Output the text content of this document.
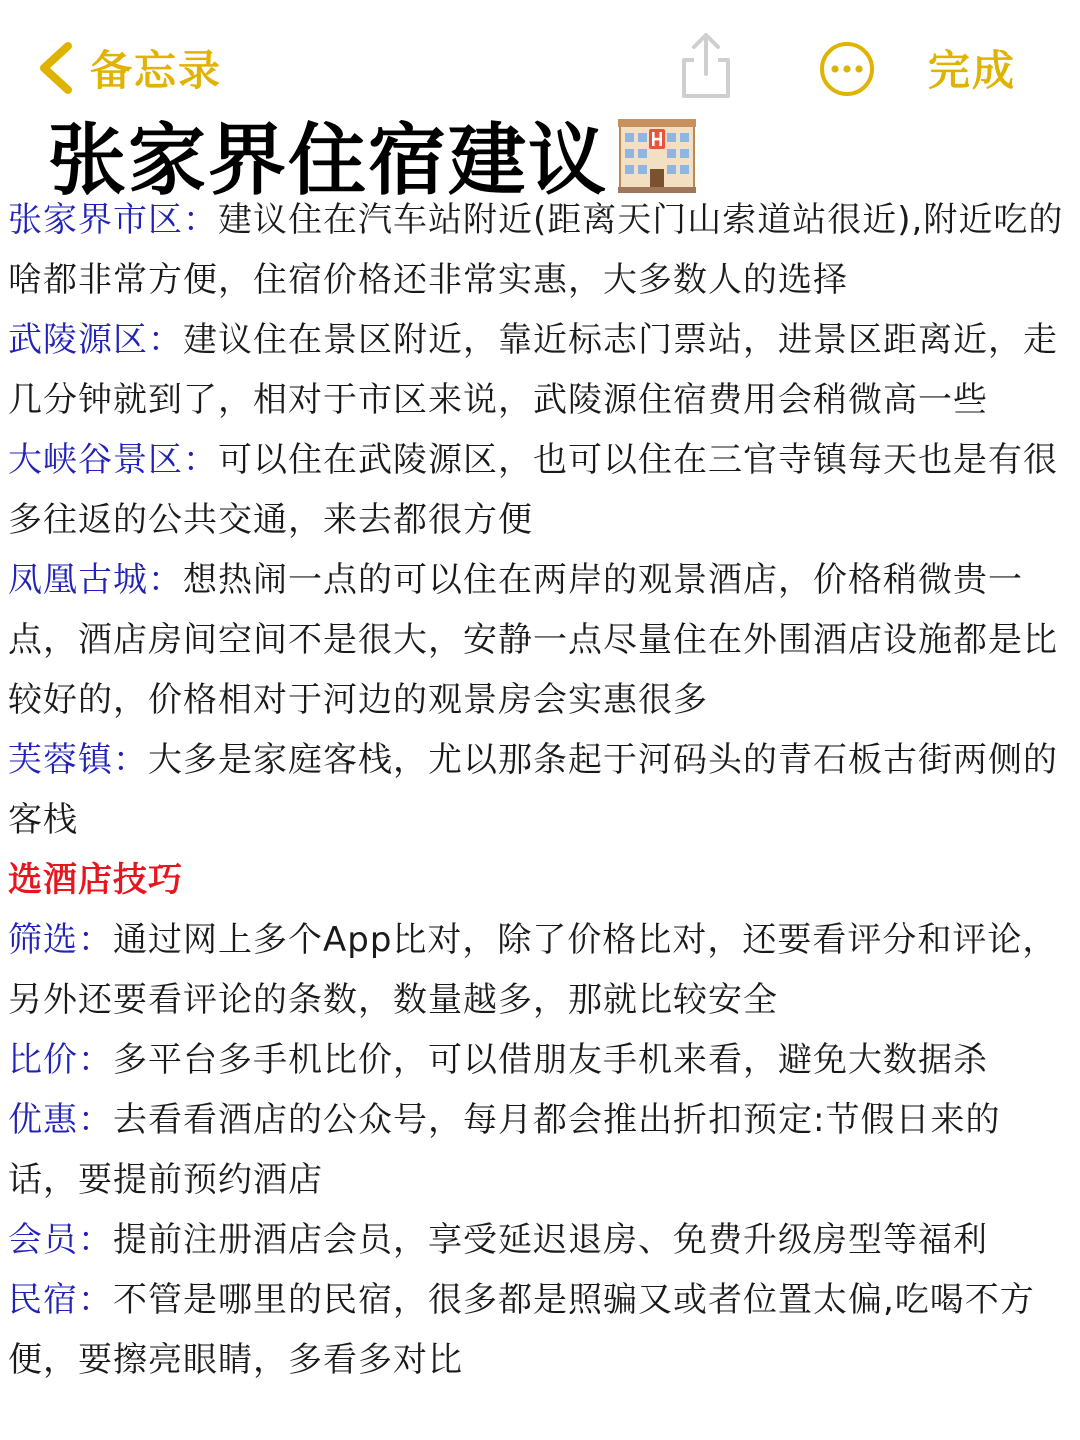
备忘录	完成
张家界住宿建议

张家界市区：建议住在汽车站附近(距离天门山索道站很近),附近吃的啥都非常方便，住宿价格还非常实惠，大多数人的选择

武陵源区：建议住在景区附近，靠近标志门票站，进景区距离近，走几分钟就到了，相对于市区来说，武陵源住宿费用会稍微高一些

大峡谷景区：可以住在武陵源区，也可以住在三官寺镇每天也是有很多往返的公共交通，来去都很方便

凤凰古城：想热闹一点的可以住在两岸的观景酒店，价格稍微贵一点，酒店房间空间不是很大，安静一点尽量住在外围酒店设施都是比较好的，价格相对于河边的观景房会实惠很多

芙蓉镇：大多是家庭客栈，尤以那条起于河码头的青石板古街两侧的客栈

选酒店技巧

筛选：通过网上多个App比对，除了价格比对，还要看评分和评论，另外还要看评论的条数，数量越多，那就比较安全

比价：多平台多手机比价，可以借朋友手机来看，避免大数据杀

优惠：去看看酒店的公众号，每月都会推出折扣预定:节假日来的话，要提前预约酒店

会员：提前注册酒店会员，享受延迟退房、免费升级房型等福利

民宿：不管是哪里的民宿，很多都是照骗又或者位置太偏,吃喝不方便，要擦亮眼睛，多看多对比
